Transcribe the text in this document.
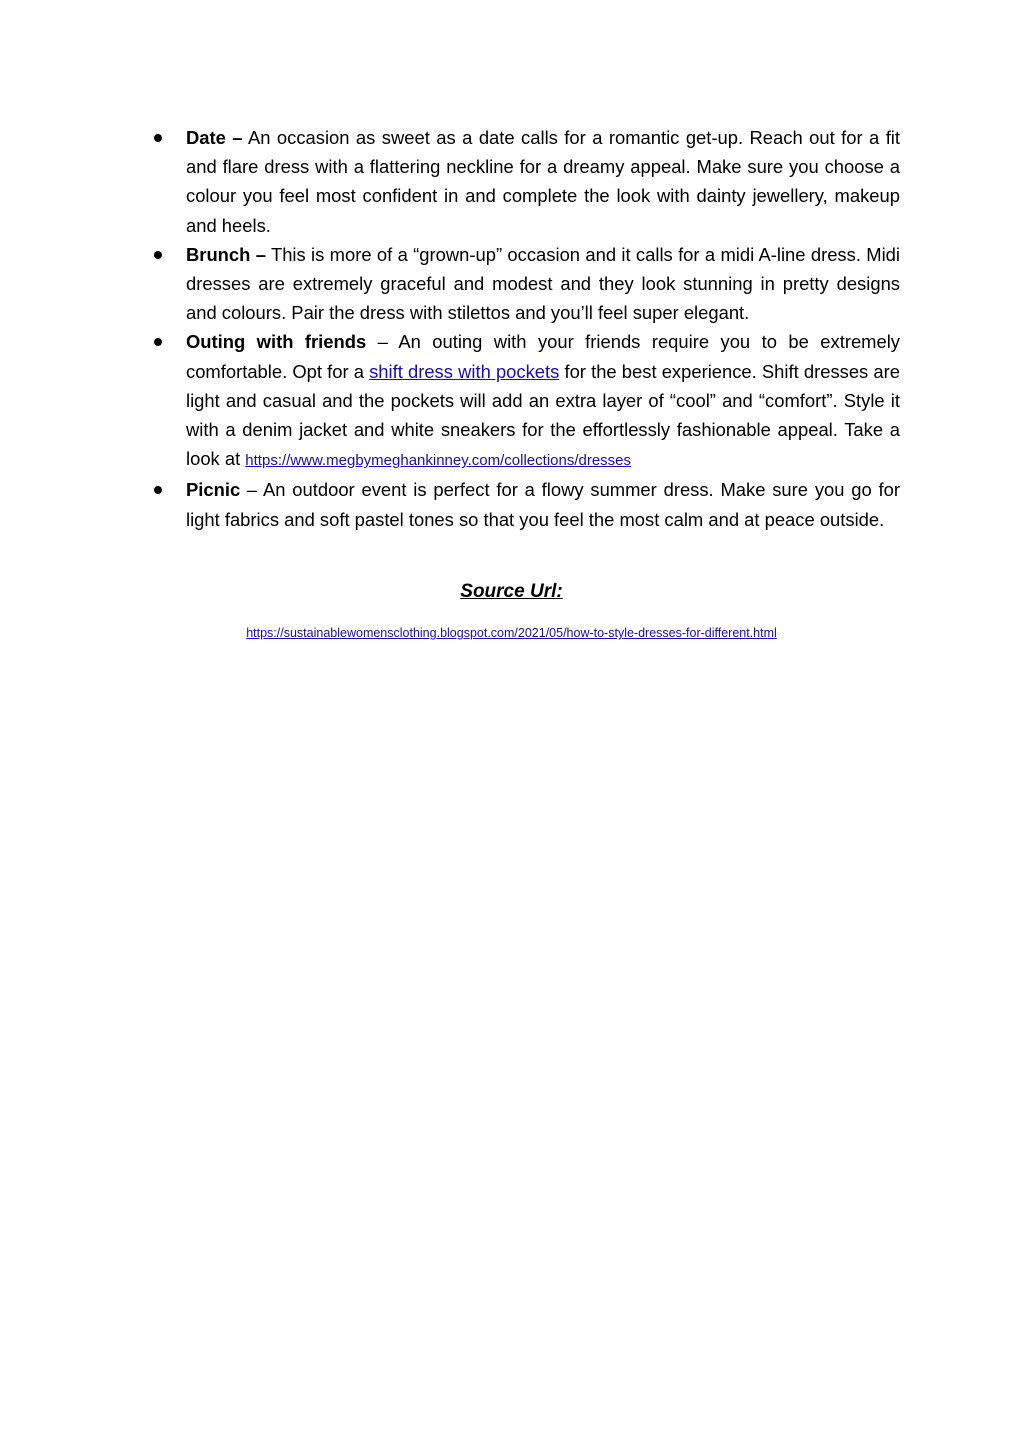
Date – An occasion as sweet as a date calls for a romantic get-up. Reach out for a fit and flare dress with a flattering neckline for a dreamy appeal. Make sure you choose a colour you feel most confident in and complete the look with dainty jewellery, makeup and heels.
Brunch – This is more of a “grown-up” occasion and it calls for a midi A-line dress. Midi dresses are extremely graceful and modest and they look stunning in pretty designs and colours. Pair the dress with stilettos and you’ll feel super elegant.
Outing with friends – An outing with your friends require you to be extremely comfortable. Opt for a shift dress with pockets for the best experience. Shift dresses are light and casual and the pockets will add an extra layer of “cool” and “comfort”. Style it with a denim jacket and white sneakers for the effortlessly fashionable appeal. Take a look at https://www.megbymeghankinney.com/collections/dresses
Picnic – An outdoor event is perfect for a flowy summer dress. Make sure you go for light fabrics and soft pastel tones so that you feel the most calm and at peace outside.
Source Url:
https://sustainablewomensclothing.blogspot.com/2021/05/how-to-style-dresses-for-different.html
